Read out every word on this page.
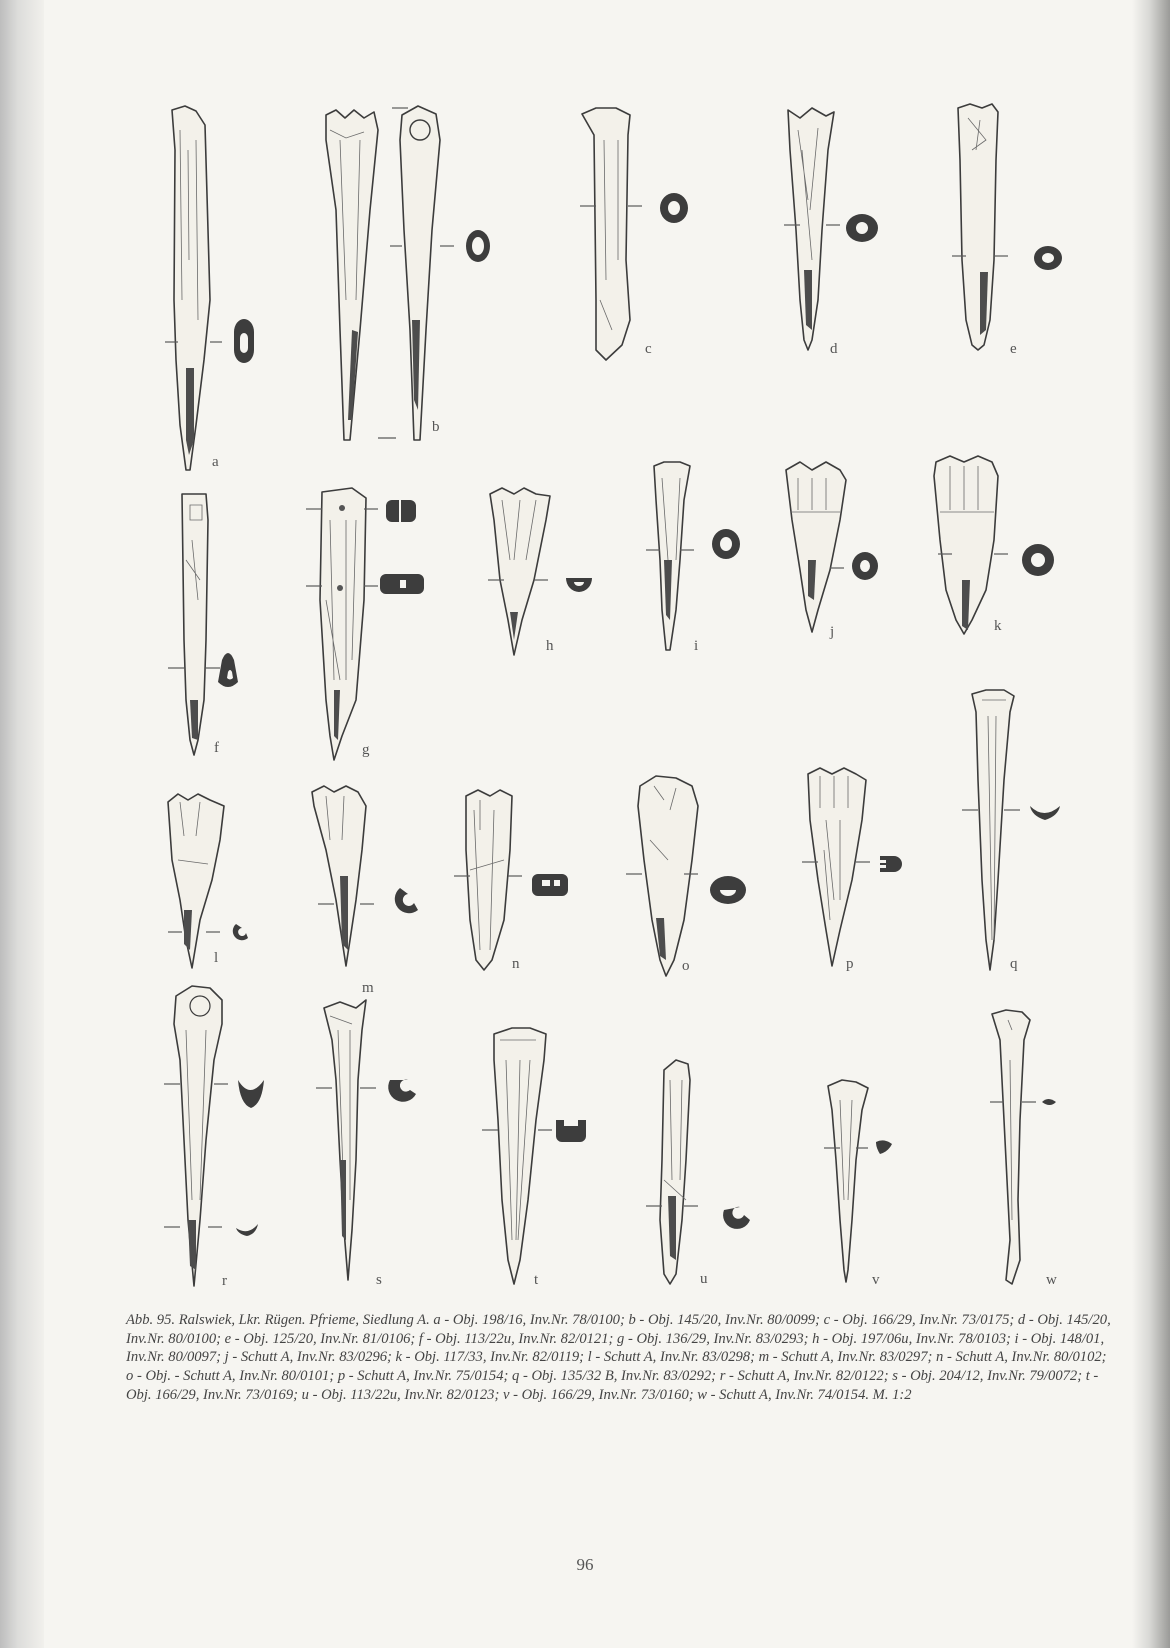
a
b
c	d	e
f	g
h	i
j	k
l
m
n	o	p	q
r	s	t	u	v	w

Abb. 95. Ralswiek, Lkr. Rügen. Pfrieme, Siedlung A. a - Obj. 198/16, Inv.Nr. 78/0100; b - Obj. 145/20, Inv.Nr. 80/0099; c - Obj. 166/29, Inv.Nr. 73/0175; d - Obj. 145/20, Inv.Nr. 80/0100; e - Obj. 125/20, Inv.Nr. 81/0106; f - Obj. 113/22u, Inv.Nr. 82/0121; g - Obj. 136/29, Inv.Nr. 83/0293; h - Obj. 197/06u, Inv.Nr. 78/0103; i - Obj. 148/01, Inv.Nr. 80/0097; j - Schutt A, Inv.Nr. 83/0296; k - Obj. 117/33, Inv.Nr. 82/0119; l - Schutt A, Inv.Nr. 83/0298; m - Schutt A, Inv.Nr. 83/0297; n - Schutt A, Inv.Nr. 80/0102; o - Obj. - Schutt A, Inv.Nr. 80/0101; p - Schutt A, Inv.Nr. 75/0154; q - Obj. 135/32 B, Inv.Nr. 83/0292; r - Schutt A, Inv.Nr. 82/0122; s - Obj. 204/12, Inv.Nr. 79/0072; t - Obj. 166/29, Inv.Nr. 73/0169; u - Obj. 113/22u, Inv.Nr. 82/0123; v - Obj. 166/29, Inv.Nr. 73/0160; w - Schutt A, Inv.Nr. 74/0154. M. 1:2

96
